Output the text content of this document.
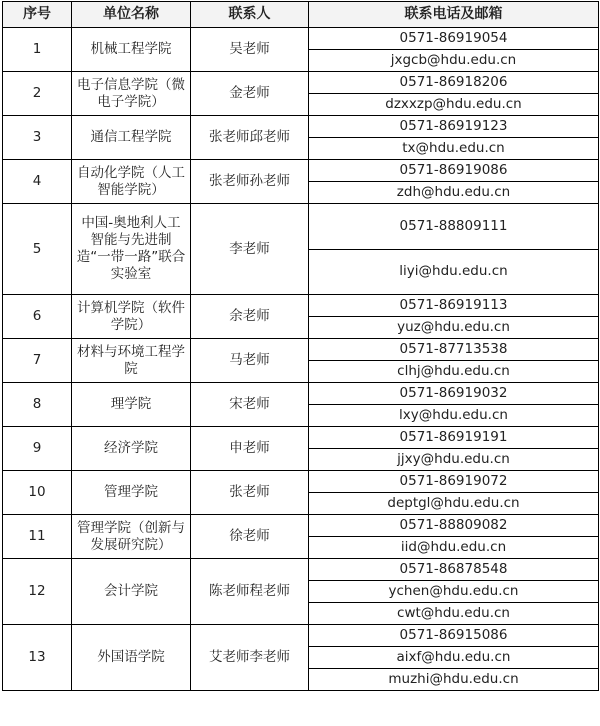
序号	单位名称	联系人	联系电话及邮箱
1	机械工程学院	吴老师	0571-86919054
			jxgcb@hdu.edu.cn
2	电子信息学院（微电子学院）	金老师	0571-86918206
			dzxxzp@hdu.edu.cn
3	通信工程学院	张老师邱老师	0571-86919123
			tx@hdu.edu.cn
4	自动化学院（人工智能学院）	张老师孙老师	0571-86919086
			zdh@hdu.edu.cn
5	中国-奥地利人工智能与先进制造“一带一路”联合实验室	李老师	0571-88809111
			liyi@hdu.edu.cn
6	计算机学院（软件学院）	余老师	0571-86919113
			yuz@hdu.edu.cn
7	材料与环境工程学院	马老师	0571-87713538
			clhj@hdu.edu.cn
8	理学院	宋老师	0571-86919032
			lxy@hdu.edu.cn
9	经济学院	申老师	0571-86919191
			jjxy@hdu.edu.cn
10	管理学院	张老师	0571-86919072
			deptgl@hdu.edu.cn
11	管理学院（创新与发展研究院）	徐老师	0571-88809082
			iid@hdu.edu.cn
12	会计学院	陈老师程老师	0571-86878548
			ychen@hdu.edu.cn
			cwt@hdu.edu.cn
13	外国语学院	艾老师李老师	0571-86915086
			aixf@hdu.edu.cn
			muzhi@hdu.edu.cn
